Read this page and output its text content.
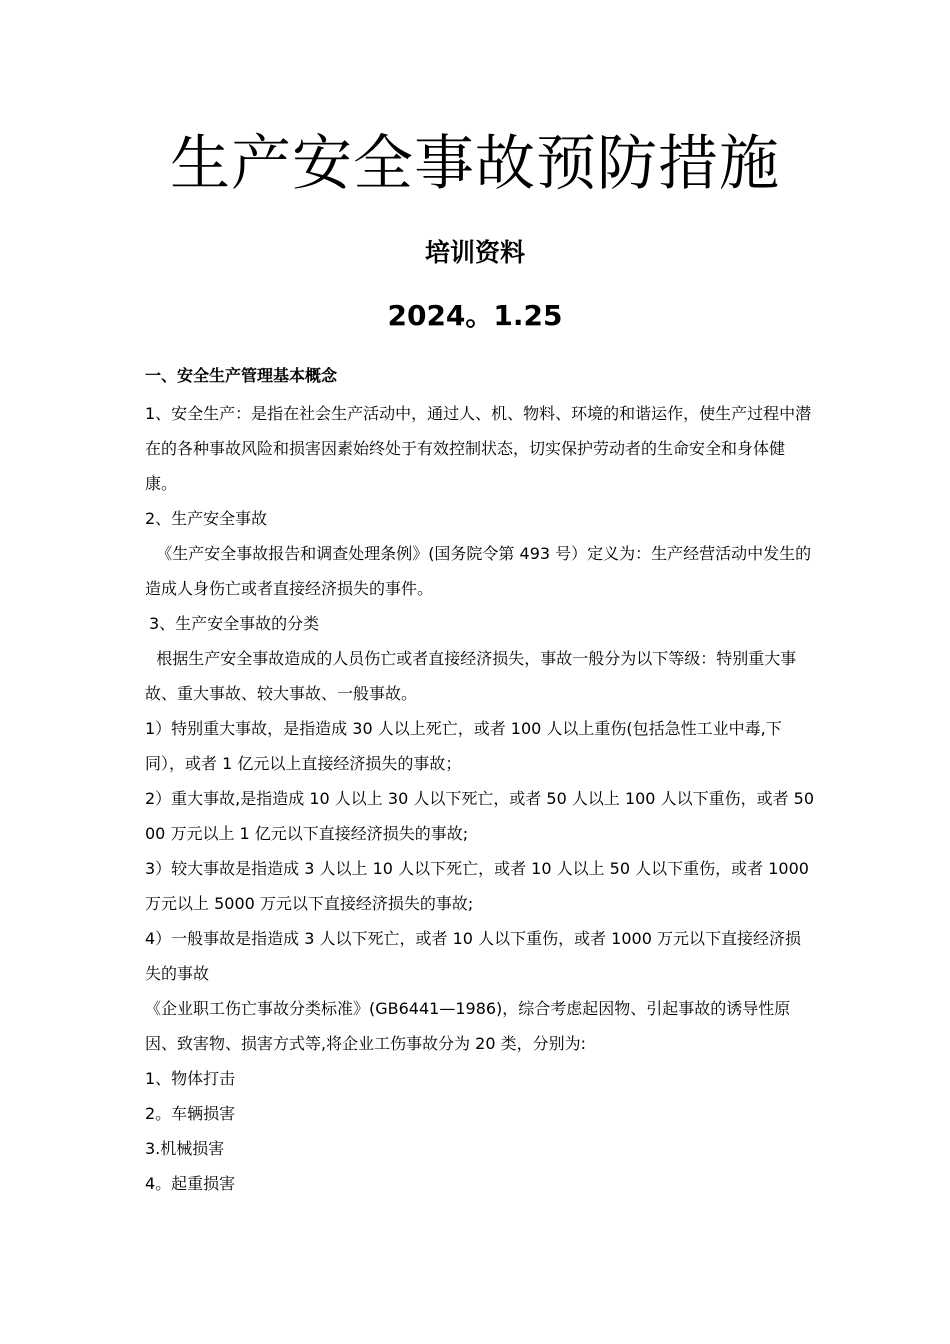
生产安全事故预防措施
培训资料
2024。1.25

一、安全生产管理基本概念

1、安全生产：是指在社会生产活动中，通过人、机、物料、环境的和谐运作，使生产过程中潜在的各种事故风险和损害因素始终处于有效控制状态，切实保护劳动者的生命安全和身体健康。

2、生产安全事故

《生产安全事故报告和调查处理条例》(国务院令第 493 号）定义为：生产经营活动中发生的造成人身伤亡或者直接经济损失的事件。

3、生产安全事故的分类

根据生产安全事故造成的人员伤亡或者直接经济损失，事故一般分为以下等级：特别重大事故、重大事故、较大事故、一般事故。

1）特别重大事故，是指造成 30 人以上死亡，或者 100 人以上重伤(包括急性工业中毒,下同），或者 1 亿元以上直接经济损失的事故；

2）重大事故,是指造成 10 人以上 30 人以下死亡，或者 50 人以上 100 人以下重伤，或者 5000 万元以上 1 亿元以下直接经济损失的事故;

3）较大事故是指造成 3 人以上 10 人以下死亡，或者 10 人以上 50 人以下重伤，或者 1000 万元以上 5000 万元以下直接经济损失的事故;

4）一般事故是指造成 3 人以下死亡，或者 10 人以下重伤，或者 1000 万元以下直接经济损失的事故

《企业职工伤亡事故分类标准》(GB6441—1986)，综合考虑起因物、引起事故的诱导性原因、致害物、损害方式等,将企业工伤事故分为 20 类，分别为:

1、物体打击

2。车辆损害

3.机械损害

4。起重损害
